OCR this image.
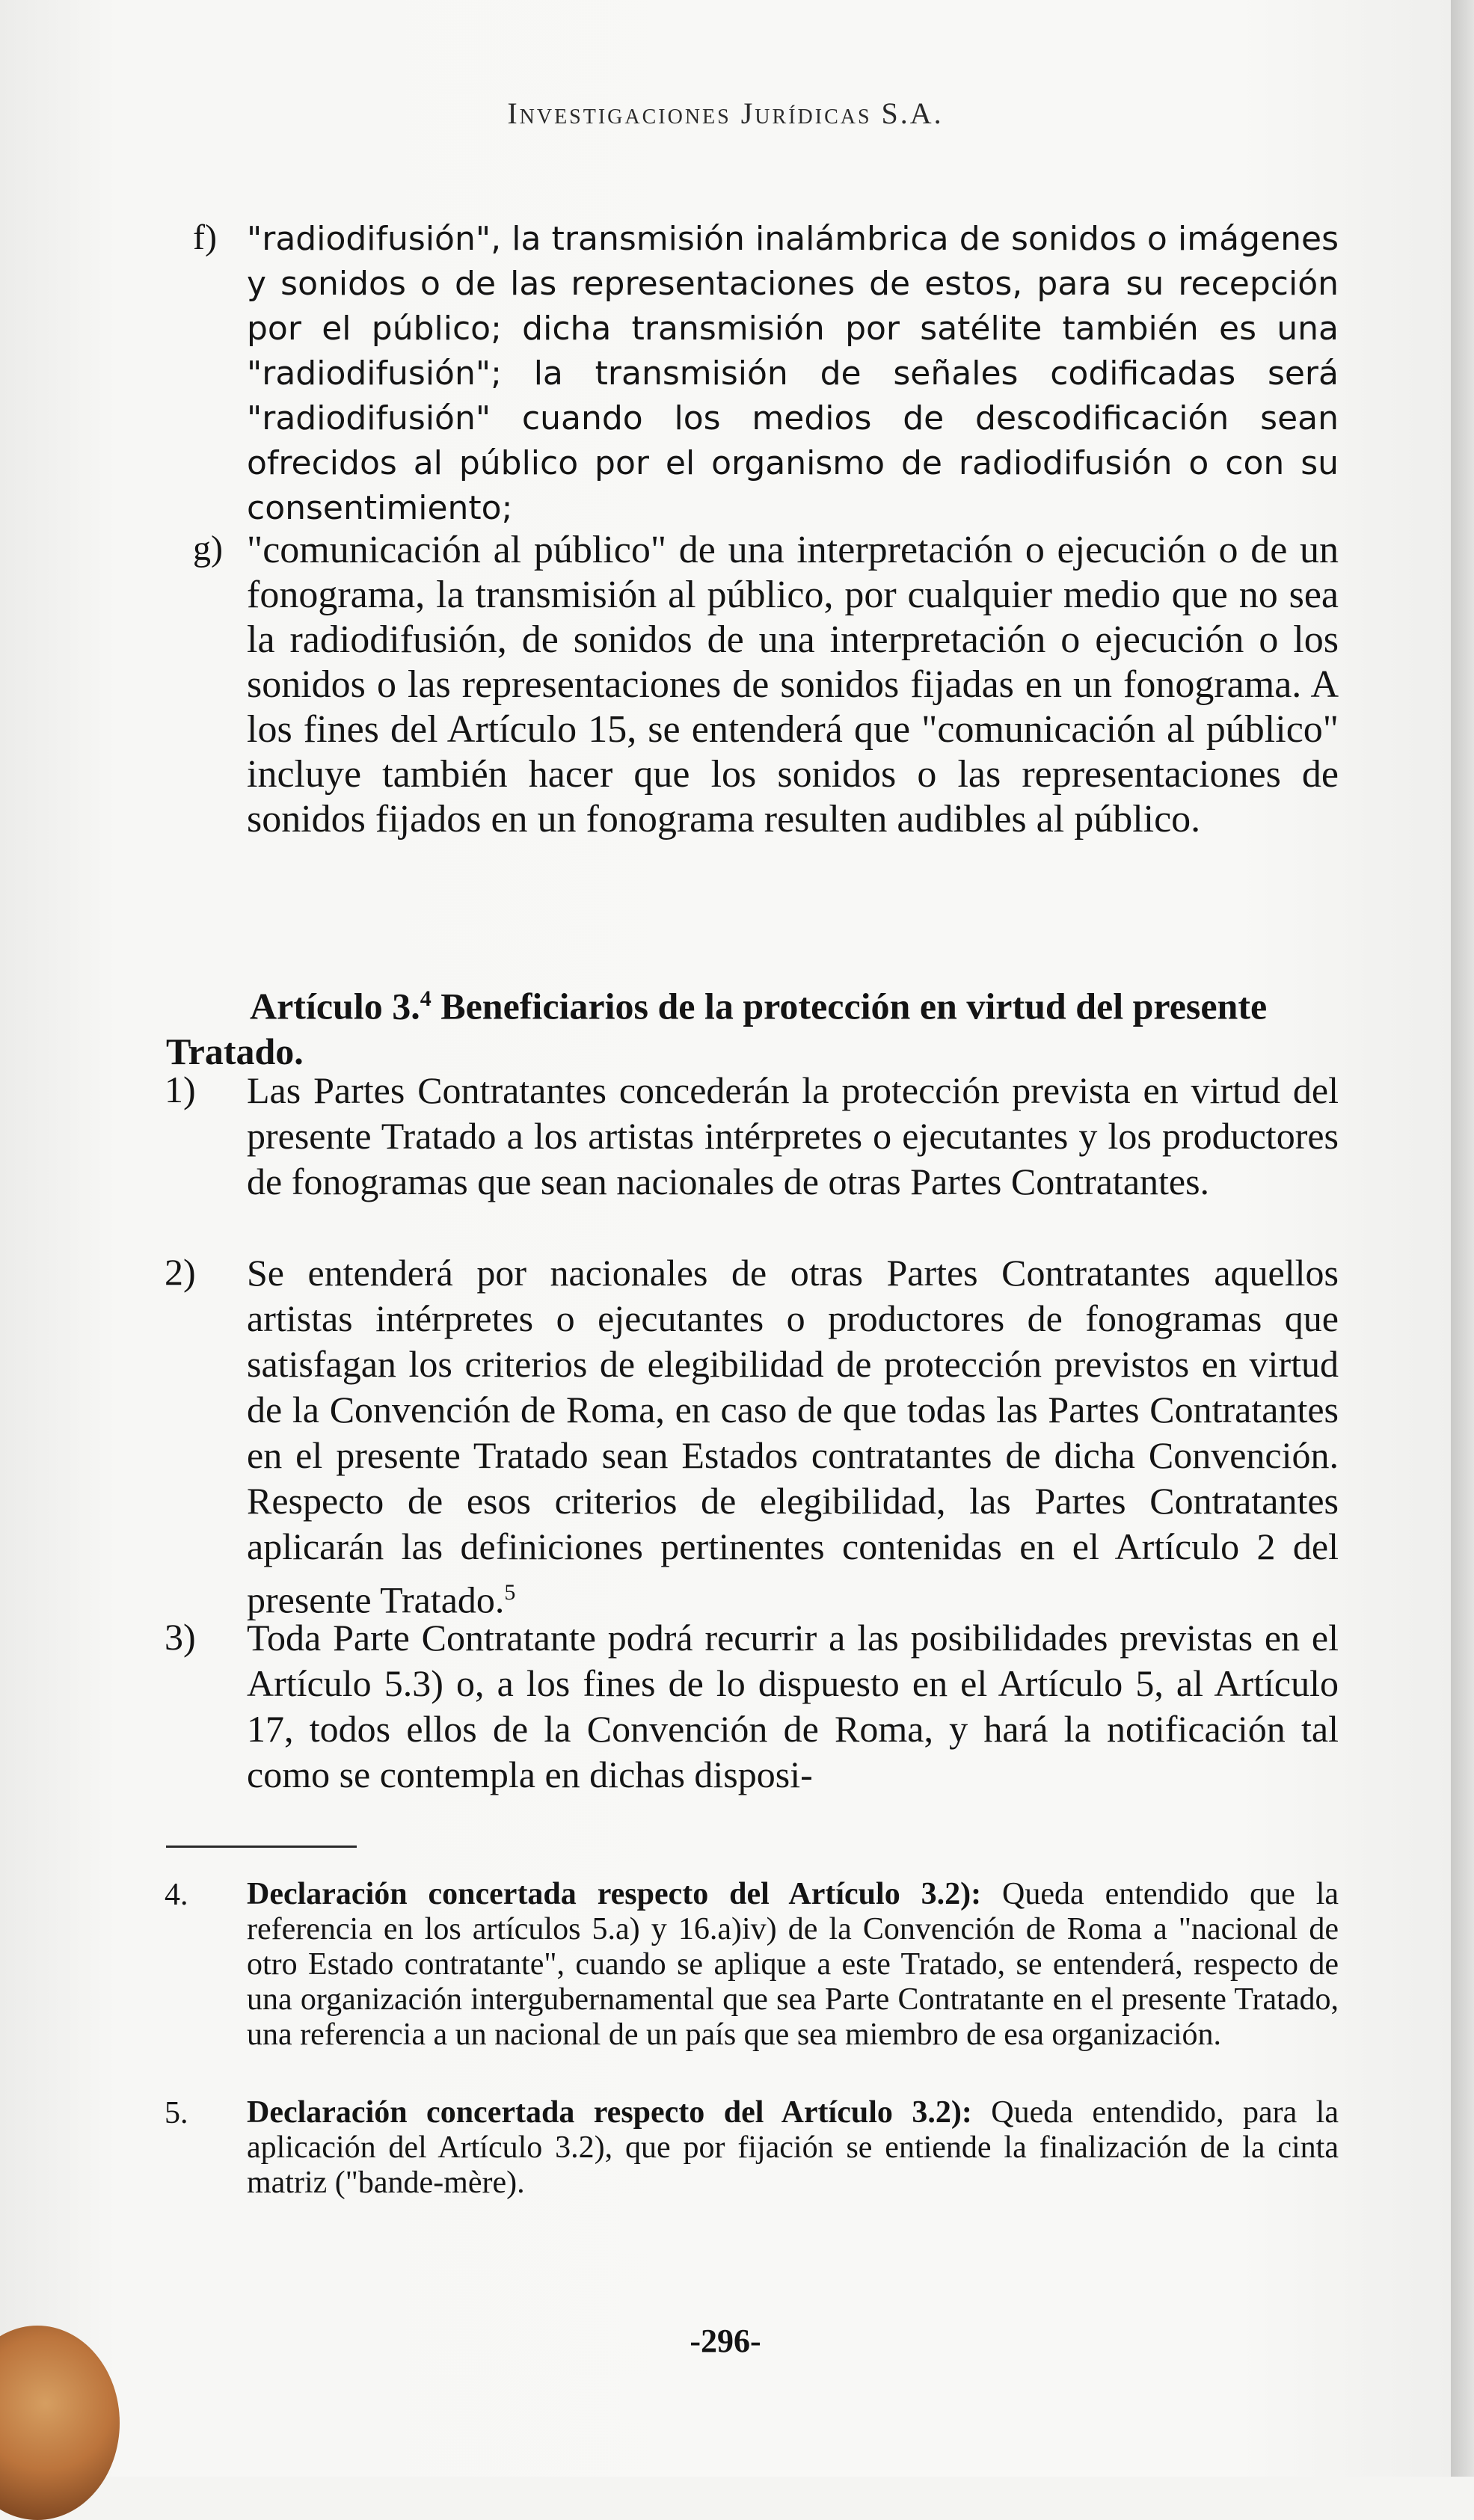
Investigaciones Jurídicas S.A.
f) "radiodifusión", la transmisión inalámbrica de sonidos o imágenes y sonidos o de las representaciones de estos, para su recepción por el público; dicha transmisión por satélite también es una "radiodifusión"; la transmisión de señales codificadas será "radiodifusión" cuando los medios de descodificación sean ofrecidos al público por el organismo de radiodifusión o con su consentimiento;

g) "comunicación al público" de una interpretación o ejecución o de un fonograma, la transmisión al público, por cualquier medio que no sea la radiodifusión, de sonidos de una interpretación o ejecución o los sonidos o las representaciones de sonidos fijadas en un fonograma. A los fines del Artículo 15, se entenderá que "comunicación al público" incluye también hacer que los sonidos o las representaciones de sonidos fijados en un fonograma resulten audibles al público.

Artículo 3.$^4$ Beneficiarios de la protección en virtud del presente Tratado.

1) Las Partes Contratantes concederán la protección prevista en virtud del presente Tratado a los artistas intérpretes o ejecutantes y los productores de fonogramas que sean nacionales de otras Partes Contratantes.

2) Se entenderá por nacionales de otras Partes Contratantes aquellos artistas intérpretes o ejecutantes o productores de fonogramas que satisfagan los criterios de elegibilidad de protección previstos en virtud de la Convención de Roma, en caso de que todas las Partes Contratantes en el presente Tratado sean Estados contratantes de dicha Convención. Respecto de esos criterios de elegibilidad, las Partes Contratantes aplicarán las definiciones pertinentes contenidas en el Artículo 2 del presente Tratado.$^5$

3) Toda Parte Contratante podrá recurrir a las posibilidades previstas en el Artículo 5.3) o, a los fines de lo dispuesto en el Artículo 5, al Artículo 17, todos ellos de la Convención de Roma, y hará la notificación tal como se contempla en dichas disposi-

4. Declaración concertada respecto del Artículo 3.2): Queda entendido que la referencia en los artículos 5.a) y 16.a)iv) de la Convención de Roma a "nacional de otro Estado contratante", cuando se aplique a este Tratado, se entenderá, respecto de una organización intergubernamental que sea Parte Contratante en el presente Tratado, una referencia a un nacional de un país que sea miembro de esa organización.

5. Declaración concertada respecto del Artículo 3.2): Queda entendido, para la aplicación del Artículo 3.2), que por fijación se entiende la finalización de la cinta matriz ("bande-mère).

-296-
